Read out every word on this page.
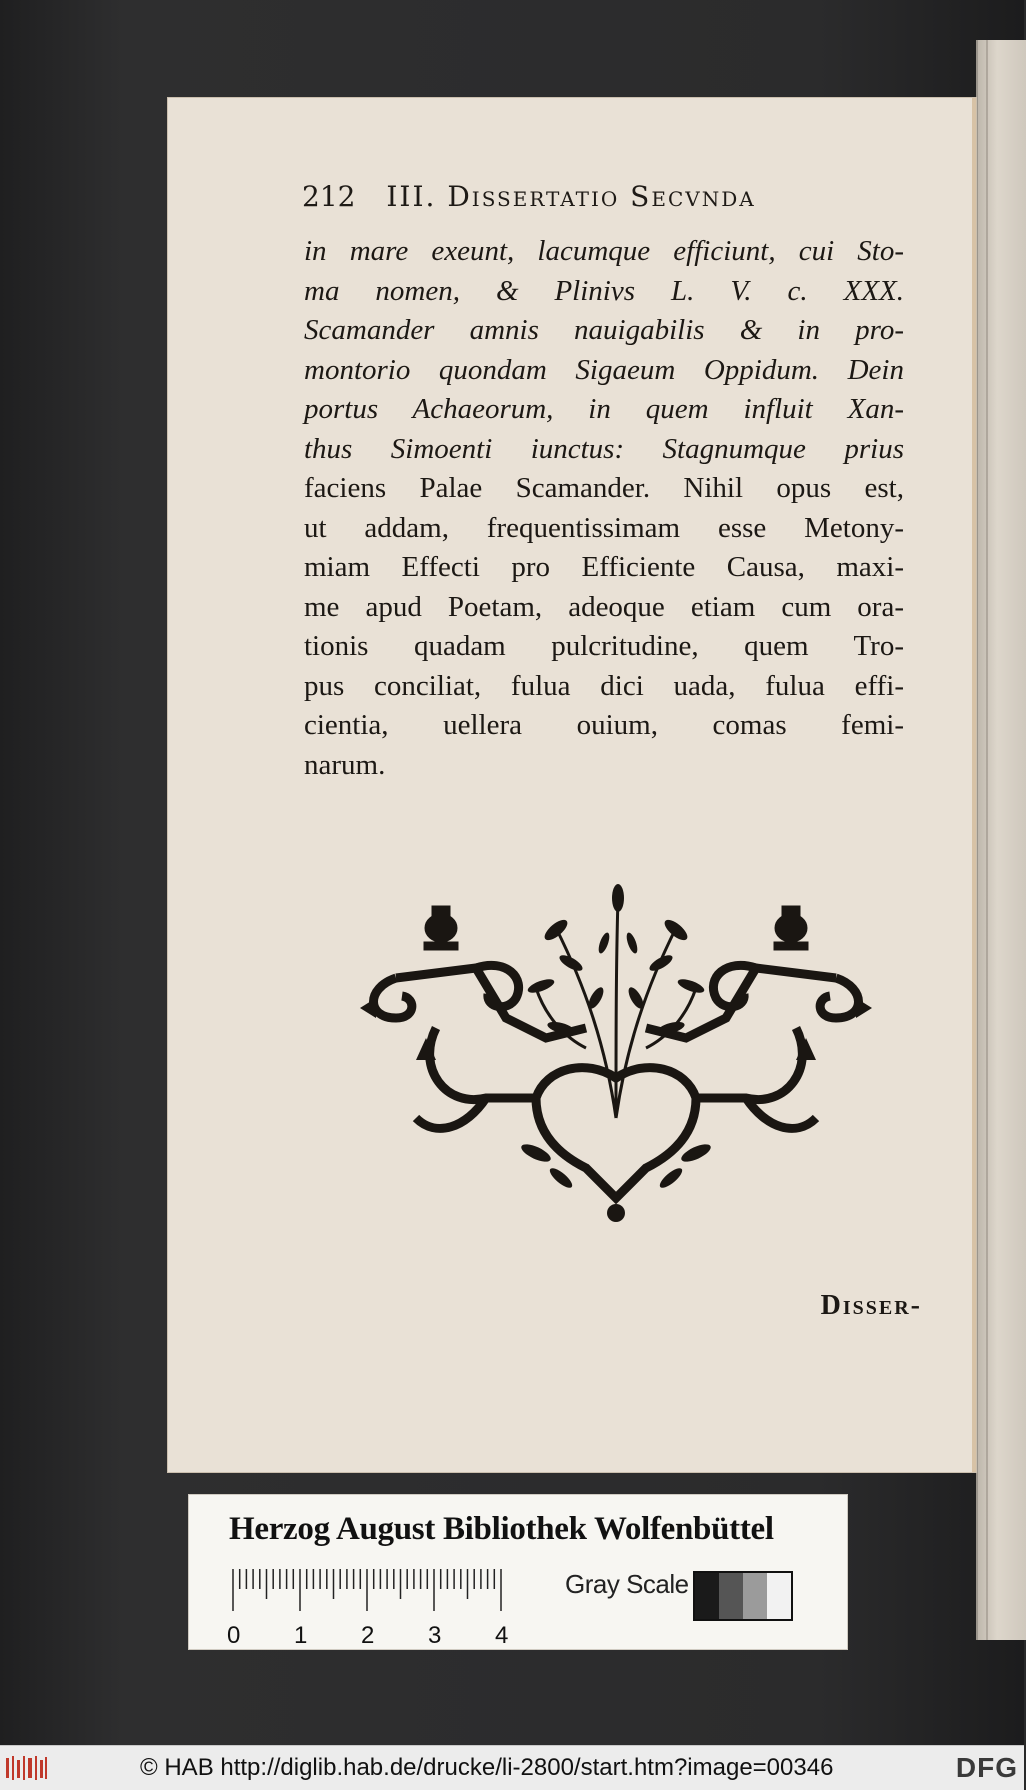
212 III. Dissertatio Secvnda
in mare exeunt, lacumque efficiunt, cui Sto-
ma nomen, & Plinivs L. V. c. XXX.
Scamander amnis nauigabilis & in pro-
montorio quondam Sigaeum Oppidum. Dein
portus Achaeorum, in quem influit Xan-
thus Simoenti iunctus: Stagnumque prius
faciens Palae Scamander. Nihil opus est,
ut addam, frequentissimam esse Metony-
miam Effecti pro Efficiente Causa, maxi-
me apud Poetam, adeoque etiam cum ora-
tionis quadam pulcritudine, quem Tro-
pus conciliat, fulua dici uada, fulua effi-
cientia, uellera ouium, comas femi-
narum.
Disser-
Herzog August Bibliothek Wolfenbüttel
0 1 2 3 4
Gray Scale
© HAB http://diglib.hab.de/drucke/li-2800/start.htm?image=00346	DFG
